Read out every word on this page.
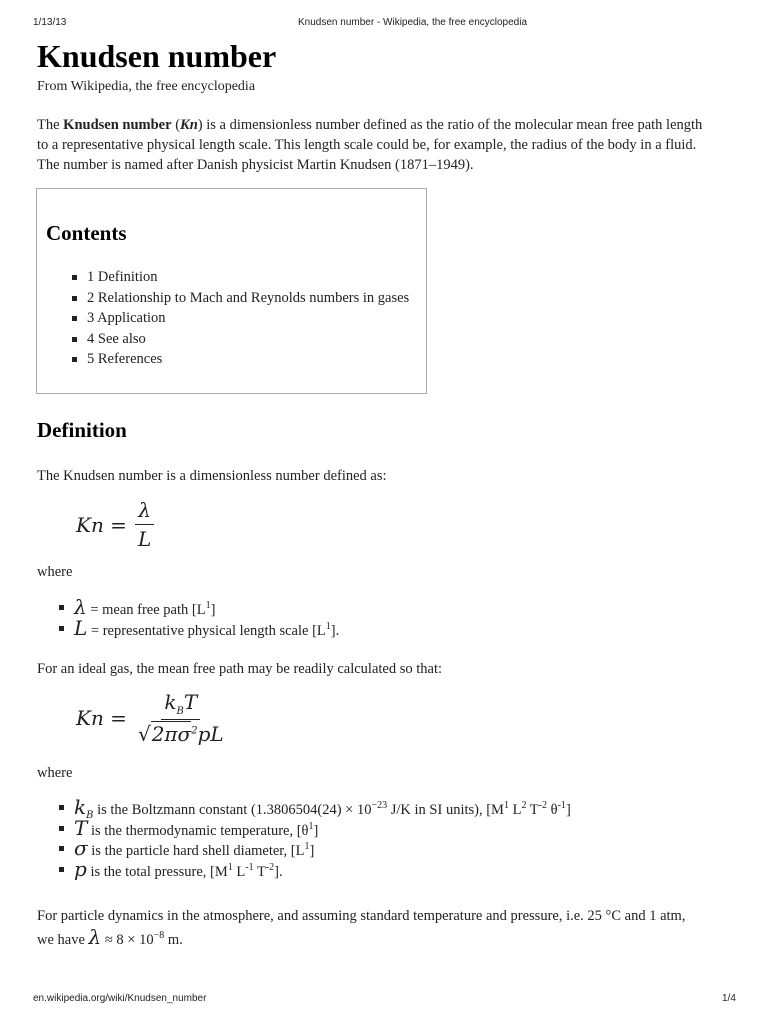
1/13/13	Knudsen number - Wikipedia, the free encyclopedia
Knudsen number

From Wikipedia, the free encyclopedia

The Knudsen number (Kn) is a dimensionless number defined as the ratio of the molecular mean free path length

to a representative physical length scale. This length scale could be, for example, the radius of the body in a fluid.

The number is named after Danish physicist Martin Knudsen (1871–1949).

Contents
1 Definition
2 Relationship to Mach and Reynolds numbers in gases
3 Application
4 See also
5 References
Definition

The Knudsen number is a dimensionless number defined as:

$Kn = \frac{\lambda}{L}$

where

λ = mean free path $[L^1]$
L = representative physical length scale $[L^1]$.

For an ideal gas, the mean free path may be readily calculated so that:

$Kn = \frac{k_BT}{√2\pi\sigma^2pL}$

where

$k_B$ is the Boltzmann constant ($1.3806504(24) \times 10^{-23}$ J/K in SI units), [$M^1$ $L^2$ $T^{-2}$ $\theta^{-1}$]
T is the thermodynamic temperature, $[\theta^1]$
σ is the particle hard shell diameter, $[L^1]$
p is the total pressure, [$M^1$ $L^{-1}$ $T^{-2}$].

For particle dynamics in the atmosphere, and assuming standard temperature and pressure, i.e. 25 °C and 1 atm,

we have $\lambda \approx 8 \times 10^{-8}$ m.

en.wikipedia.org/wiki/Knudsen_number	1/4
